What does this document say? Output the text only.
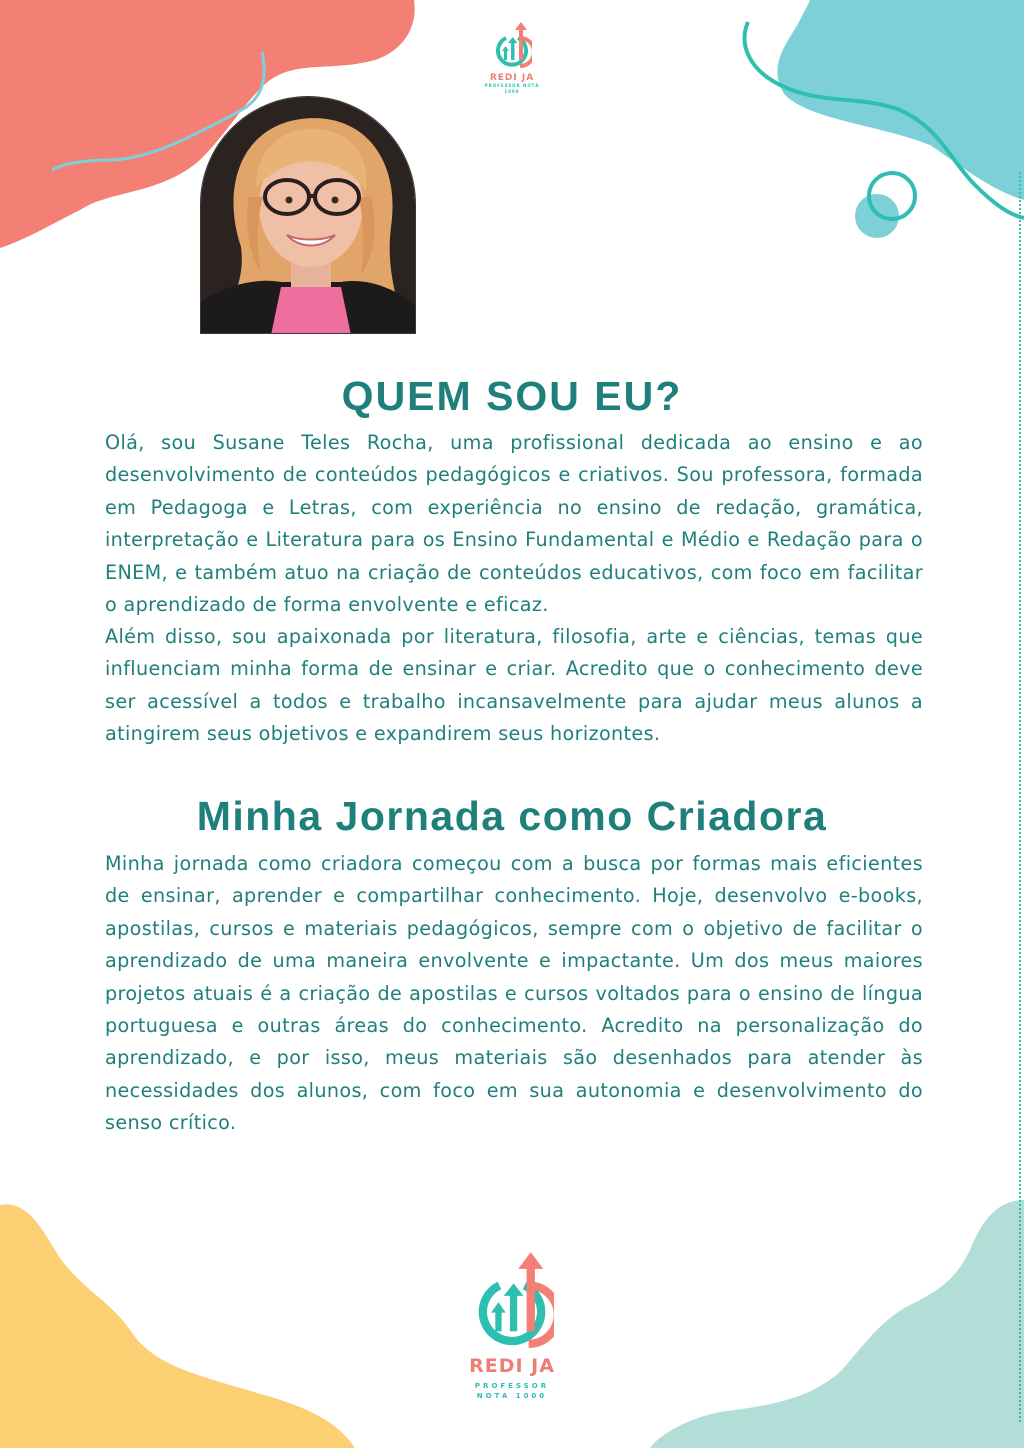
REDI JA
PROFESSOR NOTA 1000
QUEM SOU EU?

Olá, sou Susane Teles Rocha, uma profissional dedicada ao ensino e ao desenvolvimento de conteúdos pedagógicos e criativos. Sou professora, formada em Pedagoga e Letras, com experiência no ensino de redação, gramática, interpretação e Literatura para os Ensino Fundamental e Médio e Redação para o ENEM, e também atuo na criação de conteúdos educativos, com foco em facilitar o aprendizado de forma envolvente e eficaz.

Além disso, sou apaixonada por literatura, filosofia, arte e ciências, temas que influenciam minha forma de ensinar e criar. Acredito que o conhecimento deve ser acessível a todos e trabalho incansavelmente para ajudar meus alunos a atingirem seus objetivos e expandirem seus horizontes.

Minha Jornada como Criadora

Minha jornada como criadora começou com a busca por formas mais eficientes de ensinar, aprender e compartilhar conhecimento. Hoje, desenvolvo e-books, apostilas, cursos e materiais pedagógicos, sempre com o objetivo de facilitar o aprendizado de uma maneira envolvente e impactante. Um dos meus maiores projetos atuais é a criação de apostilas e cursos voltados para o ensino de língua portuguesa e outras áreas do conhecimento. Acredito na personalização do aprendizado, e por isso, meus materiais são desenhados para atender às necessidades dos alunos, com foco em sua autonomia e desenvolvimento do senso crítico.

REDI JA
PROFESSOR
NOTA 1000
